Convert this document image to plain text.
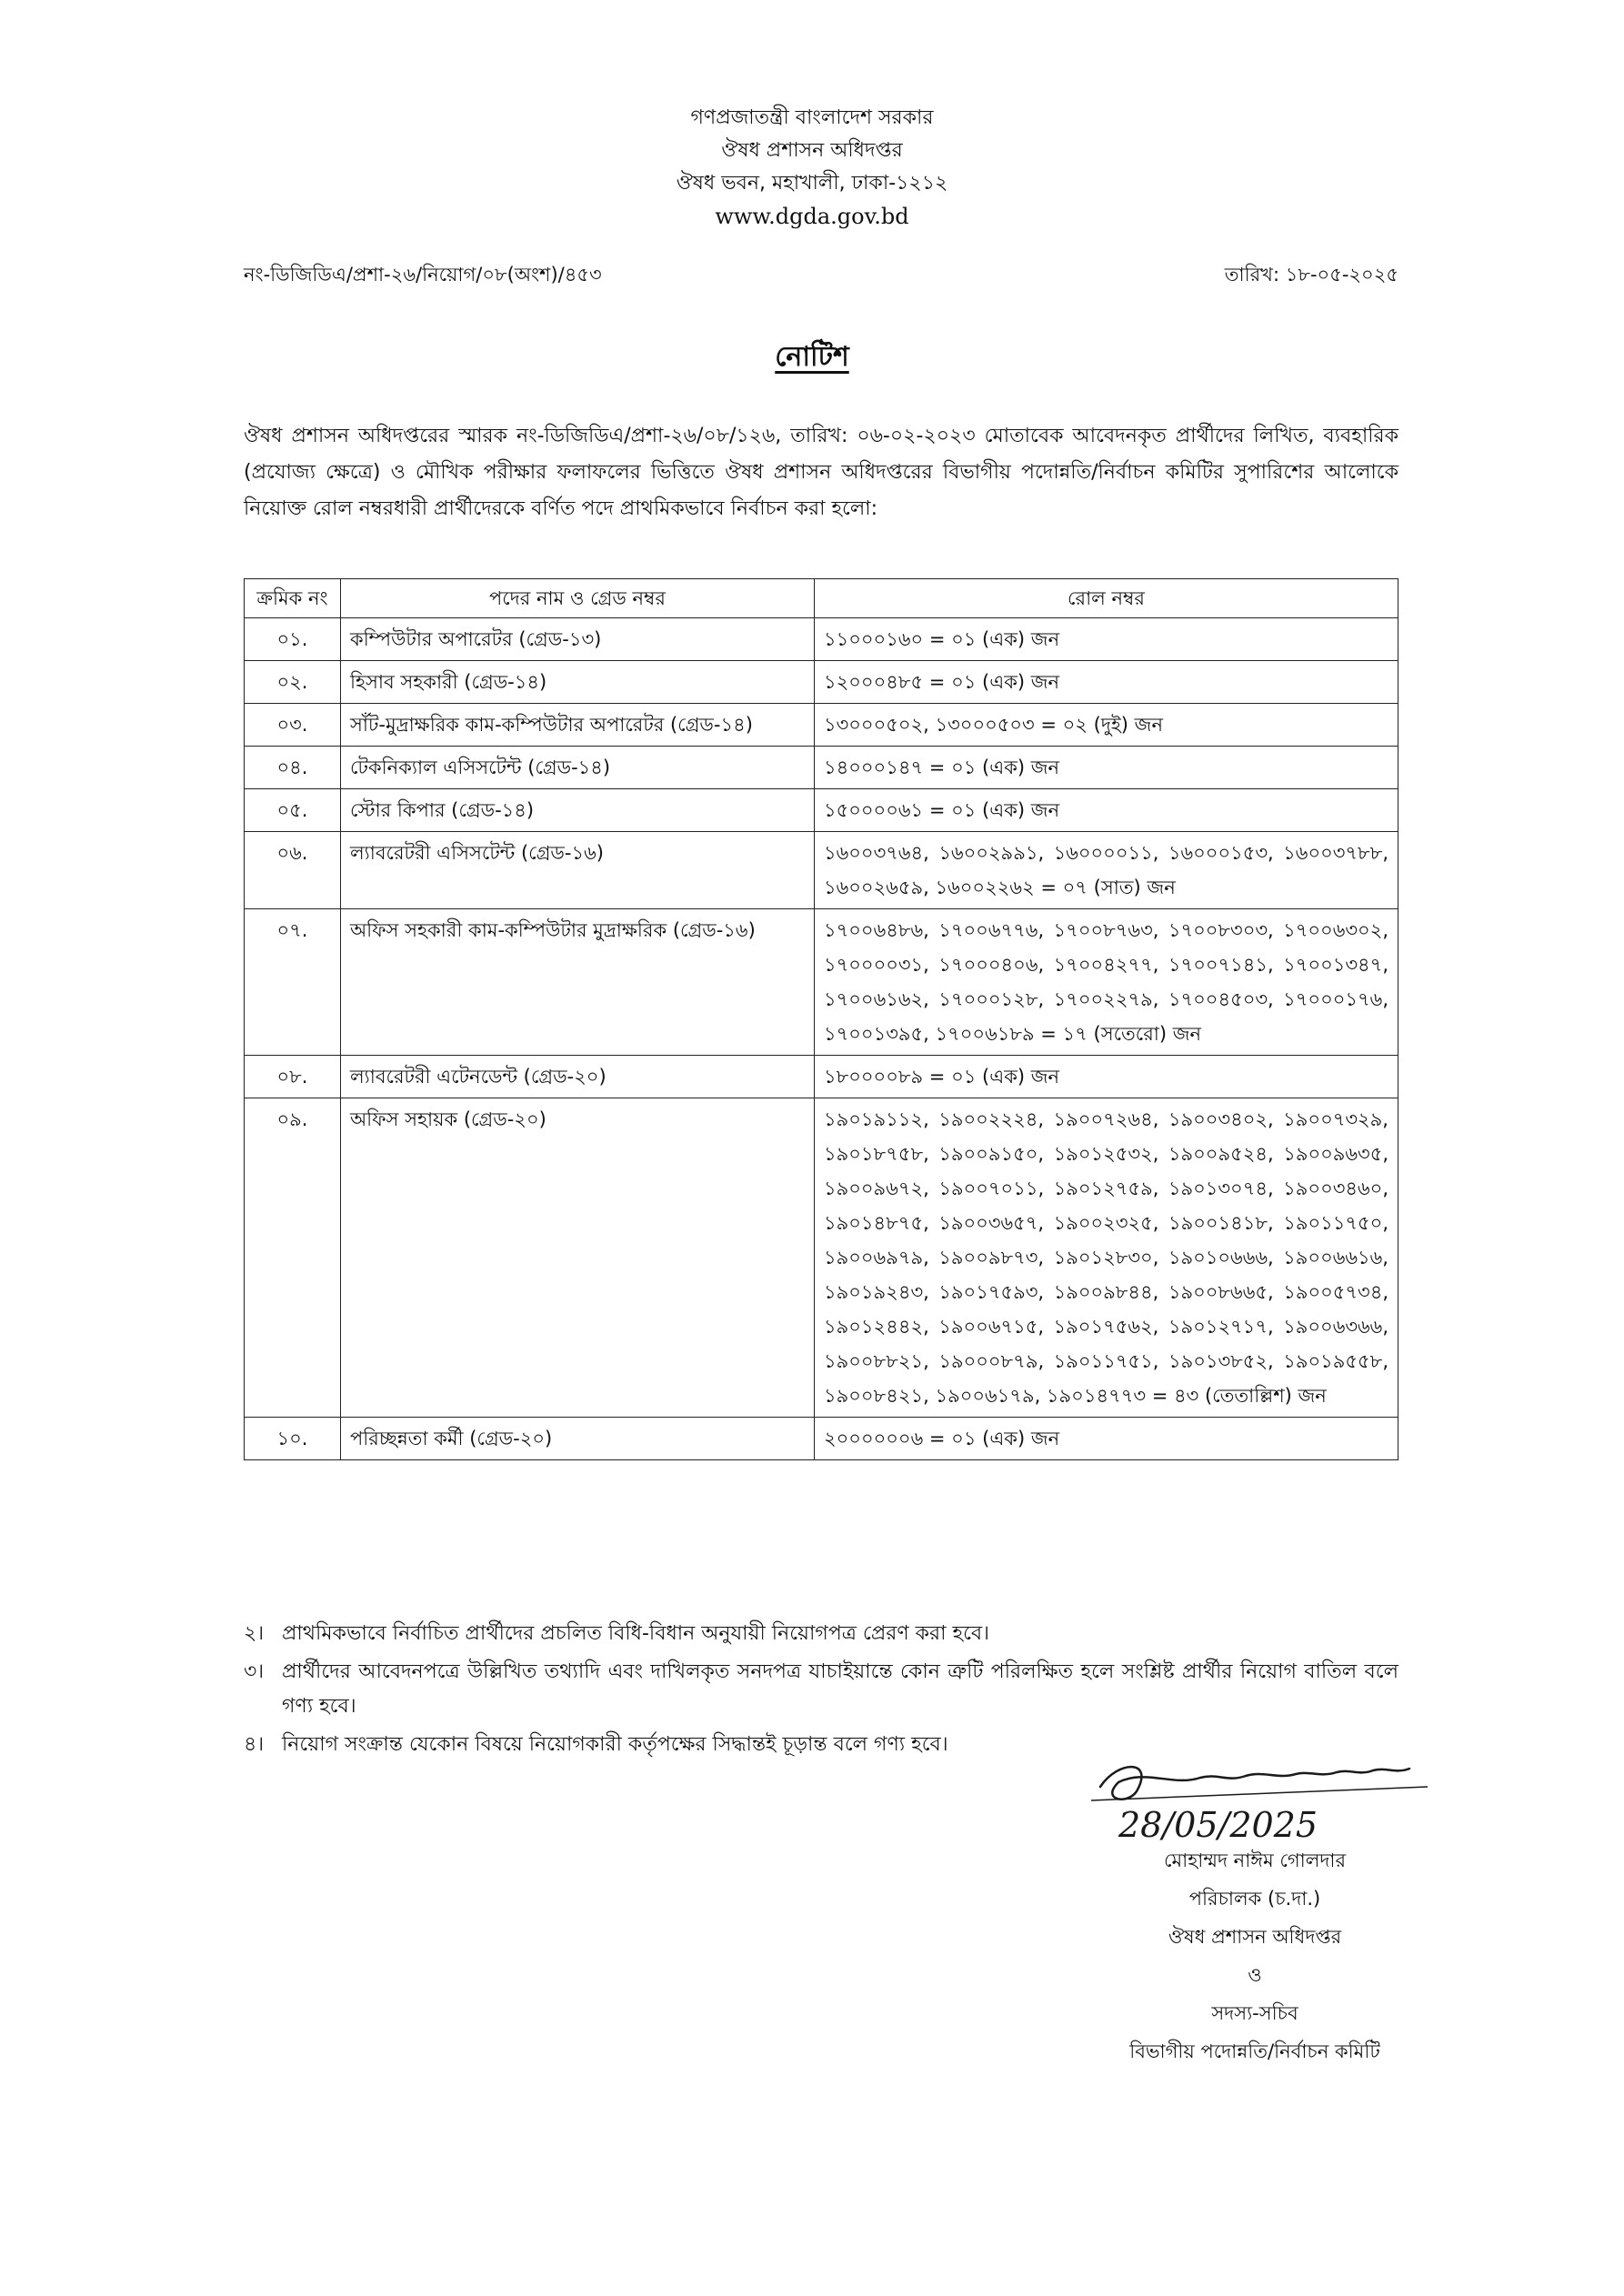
গণপ্রজাতন্ত্রী বাংলাদেশ সরকার
ঔষধ প্রশাসন অধিদপ্তর
ঔষধ ভবন, মহাখালী, ঢাকা-১২১২
www.dgda.gov.bd
নং-ডিজিডিএ/প্রশা-২৬/নিয়োগ/০৮(অংশ)/৪৫৩	তারিখ: ১৮-০৫-২০২৫
নোটিশ
ঔষধ প্রশাসন অধিদপ্তরের স্মারক নং-ডিজিডিএ/প্রশা-২৬/০৮/১২৬, তারিখ: ০৬-০২-২০২৩ মোতাবেক আবেদনকৃত প্রার্থীদের লিখিত, ব্যবহারিক (প্রযোজ্য ক্ষেত্রে) ও মৌখিক পরীক্ষার ফলাফলের ভিত্তিতে ঔষধ প্রশাসন অধিদপ্তরের বিভাগীয় পদোন্নতি/নির্বাচন কমিটির সুপারিশের আলোকে নিয়োক্ত রোল নম্বরধারী প্রার্থীদেরকে বর্ণিত পদে প্রাথমিকভাবে নির্বাচন করা হলো:
ক্রমিক নং	পদের নাম ও গ্রেড নম্বর	রোল নম্বর
০১.	কম্পিউটার অপারেটর (গ্রেড-১৩)	১১০০০১৬০ = ০১ (এক) জন
০২.	হিসাব সহকারী (গ্রেড-১৪)	১২০০০৪৮৫ = ০১ (এক) জন
০৩.	সাঁট-মুদ্রাক্ষরিক কাম-কম্পিউটার অপারেটর (গ্রেড-১৪)	১৩০০০৫০২, ১৩০০০৫০৩ = ০২ (দুই) জন
০৪.	টেকনিক্যাল এসিসটেন্ট (গ্রেড-১৪)	১৪০০০১৪৭ = ০১ (এক) জন
০৫.	স্টোর কিপার (গ্রেড-১৪)	১৫০০০০৬১ = ০১ (এক) জন
০৬.	ল্যাবরেটরী এসিসটেন্ট (গ্রেড-১৬)	১৬০০৩৭৬৪, ১৬০০২৯৯১, ১৬০০০০১১, ১৬০০০১৫৩, ১৬০০৩৭৮৮, ১৬০০২৬৫৯, ১৬০০২২৬২ = ০৭ (সাত) জন
০৭.	অফিস সহকারী কাম-কম্পিউটার মুদ্রাক্ষরিক (গ্রেড-১৬)	১৭০০৬৪৮৬, ১৭০০৬৭৭৬, ১৭০০৮৭৬৩, ১৭০০৮৩০৩, ১৭০০৬৩০২, ১৭০০০০৩১, ১৭০০০৪০৬, ১৭০০৪২৭৭, ১৭০০৭১৪১, ১৭০০১৩৪৭, ১৭০০৬১৬২, ১৭০০০১২৮, ১৭০০২২৭৯, ১৭০০৪৫০৩, ১৭০০০১৭৬, ১৭০০১৩৯৫, ১৭০০৬১৮৯ = ১৭ (সতেরো) জন
০৮.	ল্যাবরেটরী এটেনডেন্ট (গ্রেড-২০)	১৮০০০০৮৯ = ০১ (এক) জন
০৯.	অফিস সহায়ক (গ্রেড-২০)	১৯০১৯১১২, ১৯০০২২২৪, ১৯০০৭২৬৪, ১৯০০৩৪০২, ১৯০০৭৩২৯, ১৯০১৮৭৫৮, ১৯০০৯১৫০, ১৯০১২৫৩২, ১৯০০৯৫২৪, ১৯০০৯৬৩৫, ১৯০০৯৬৭২, ১৯০০৭০১১, ১৯০১২৭৫৯, ১৯০১৩০৭৪, ১৯০০৩৪৬০, ১৯০১৪৮৭৫, ১৯০০৩৬৫৭, ১৯০০২৩২৫, ১৯০০১৪১৮, ১৯০১১৭৫০, ১৯০০৬৯৭৯, ১৯০০৯৮৭৩, ১৯০১২৮৩০, ১৯০১০৬৬৬, ১৯০০৬৬১৬, ১৯০১৯২৪৩, ১৯০১৭৫৯৩, ১৯০০৯৮৪৪, ১৯০০৮৬৬৫, ১৯০০৫৭৩৪, ১৯০১২৪৪২, ১৯০০৬৭১৫, ১৯০১৭৫৬২, ১৯০১২৭১৭, ১৯০০৬৩৬৬, ১৯০০৮৮২১, ১৯০০০৮৭৯, ১৯০১১৭৫১, ১৯০১৩৮৫২, ১৯০১৯৫৫৮, ১৯০০৮৪২১, ১৯০০৬১৭৯, ১৯০১৪৭৭৩ = ৪৩ (তেতাল্লিশ) জন
১০.	পরিচ্ছন্নতা কর্মী (গ্রেড-২০)	২০০০০০০৬ = ০১ (এক) জন
২। প্রাথমিকভাবে নির্বাচিত প্রার্থীদের প্রচলিত বিধি-বিধান অনুযায়ী নিয়োগপত্র প্রেরণ করা হবে।
৩। প্রার্থীদের আবেদনপত্রে উল্লিখিত তথ্যাদি এবং দাখিলকৃত সনদপত্র যাচাইয়ান্তে কোন ত্রুটি পরিলক্ষিত হলে সংশ্লিষ্ট প্রার্থীর নিয়োগ বাতিল বলে গণ্য হবে।
৪। নিয়োগ সংক্রান্ত যেকোন বিষয়ে নিয়োগকারী কর্তৃপক্ষের সিদ্ধান্তই চূড়ান্ত বলে গণ্য হবে।
28/05/2025
মোহাম্মদ নাঈম গোলদার
পরিচালক (চ.দা.)
ঔষধ প্রশাসন অধিদপ্তর
ও
সদস্য-সচিব
বিভাগীয় পদোন্নতি/নির্বাচন কমিটি
